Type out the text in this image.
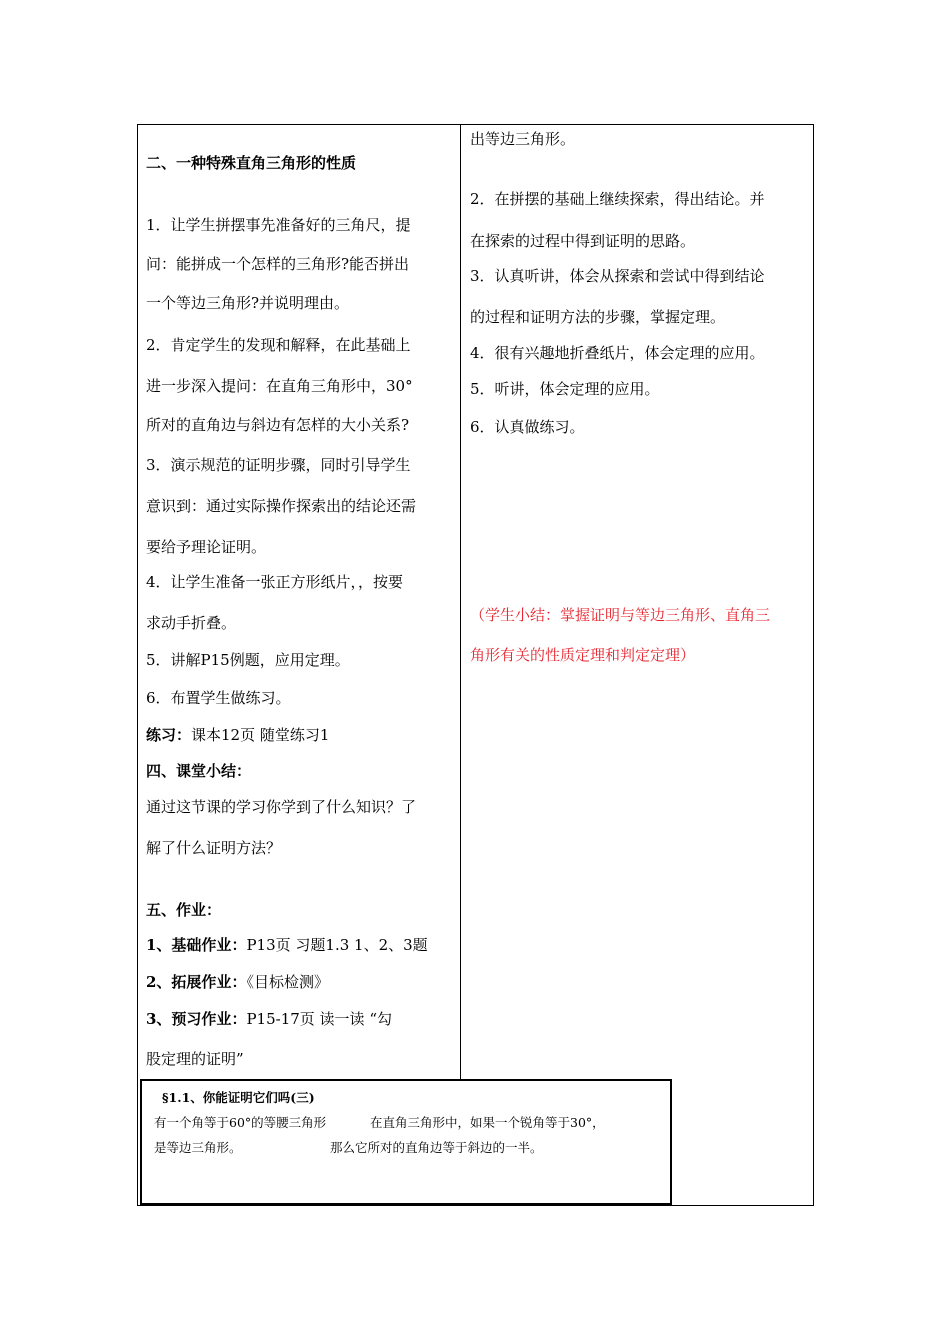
二、一种特殊直角三角形的性质
1．让学生拼摆事先准备好的三角尺，提
问：能拼成一个怎样的三角形?能否拼出
一个等边三角形?并说明理由。
2．肯定学生的发现和解释，在此基础上
进一步深入提问：在直角三角形中，30°
所对的直角边与斜边有怎样的大小关系?
3．演示规范的证明步骤，同时引导学生
意识到：通过实际操作探索出的结论还需
要给予理论证明。
4．让学生准备一张正方形纸片，，按要
求动手折叠。
5．讲解P15例题，应用定理。
6．布置学生做练习。
练习：课本12页 随堂练习1
四、课堂小结：
通过这节课的学习你学到了什么知识？了
解了什么证明方法？
五、作业：
1、基础作业：P13页 习题1.3 1、2、3题
2、拓展作业：《目标检测》
3、预习作业：P15-17页 读一读 “勾
股定理的证明”
出等边三角形。
2．在拼摆的基础上继续探索，得出结论。并
在探索的过程中得到证明的思路。
3．认真听讲，体会从探索和尝试中得到结论
的过程和证明方法的步骤，掌握定理。
4．很有兴趣地折叠纸片，体会定理的应用。
5．听讲，体会定理的应用。
6．认真做练习。
（学生小结：掌握证明与等边三角形、直角三
角形有关的性质定理和判定定理）
§1.1、你能证明它们吗(三)
有一个角等于60°的等腰三角形
是等边三角形。
在直角三角形中，如果一个锐角等于30°，
那么它所对的直角边等于斜边的一半。
